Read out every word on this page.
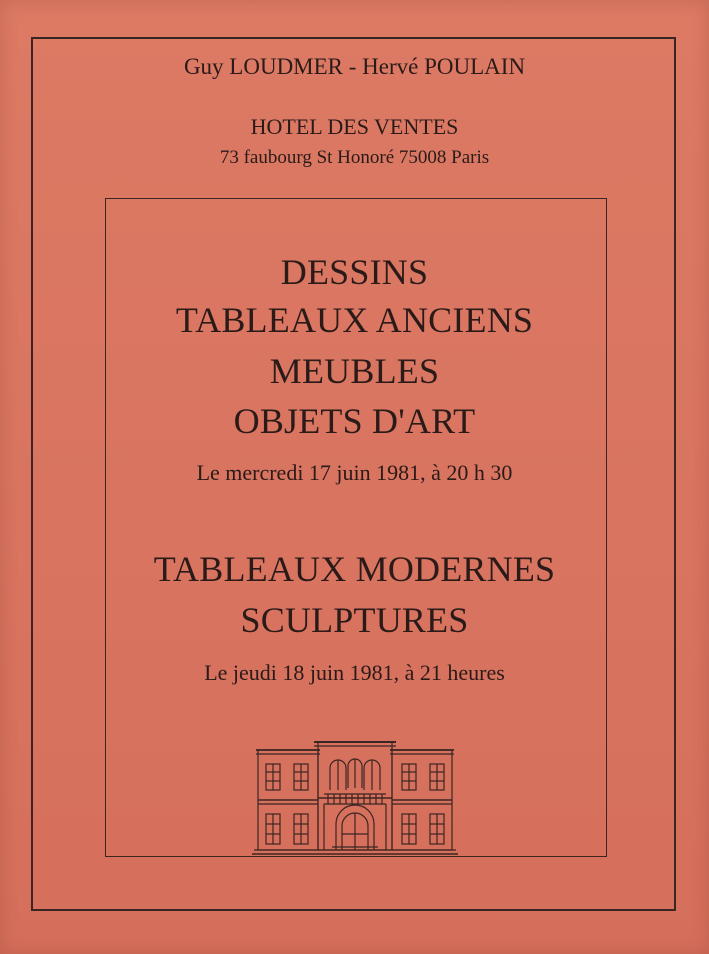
Guy LOUDMER - Hervé POULAIN
HOTEL DES VENTES
73 faubourg St Honoré 75008 Paris
DESSINS
TABLEAUX ANCIENS
MEUBLES
OBJETS D'ART
Le mercredi 17 juin 1981, à 20 h 30
TABLEAUX MODERNES
SCULPTURES
Le jeudi 18 juin 1981, à 21 heures
